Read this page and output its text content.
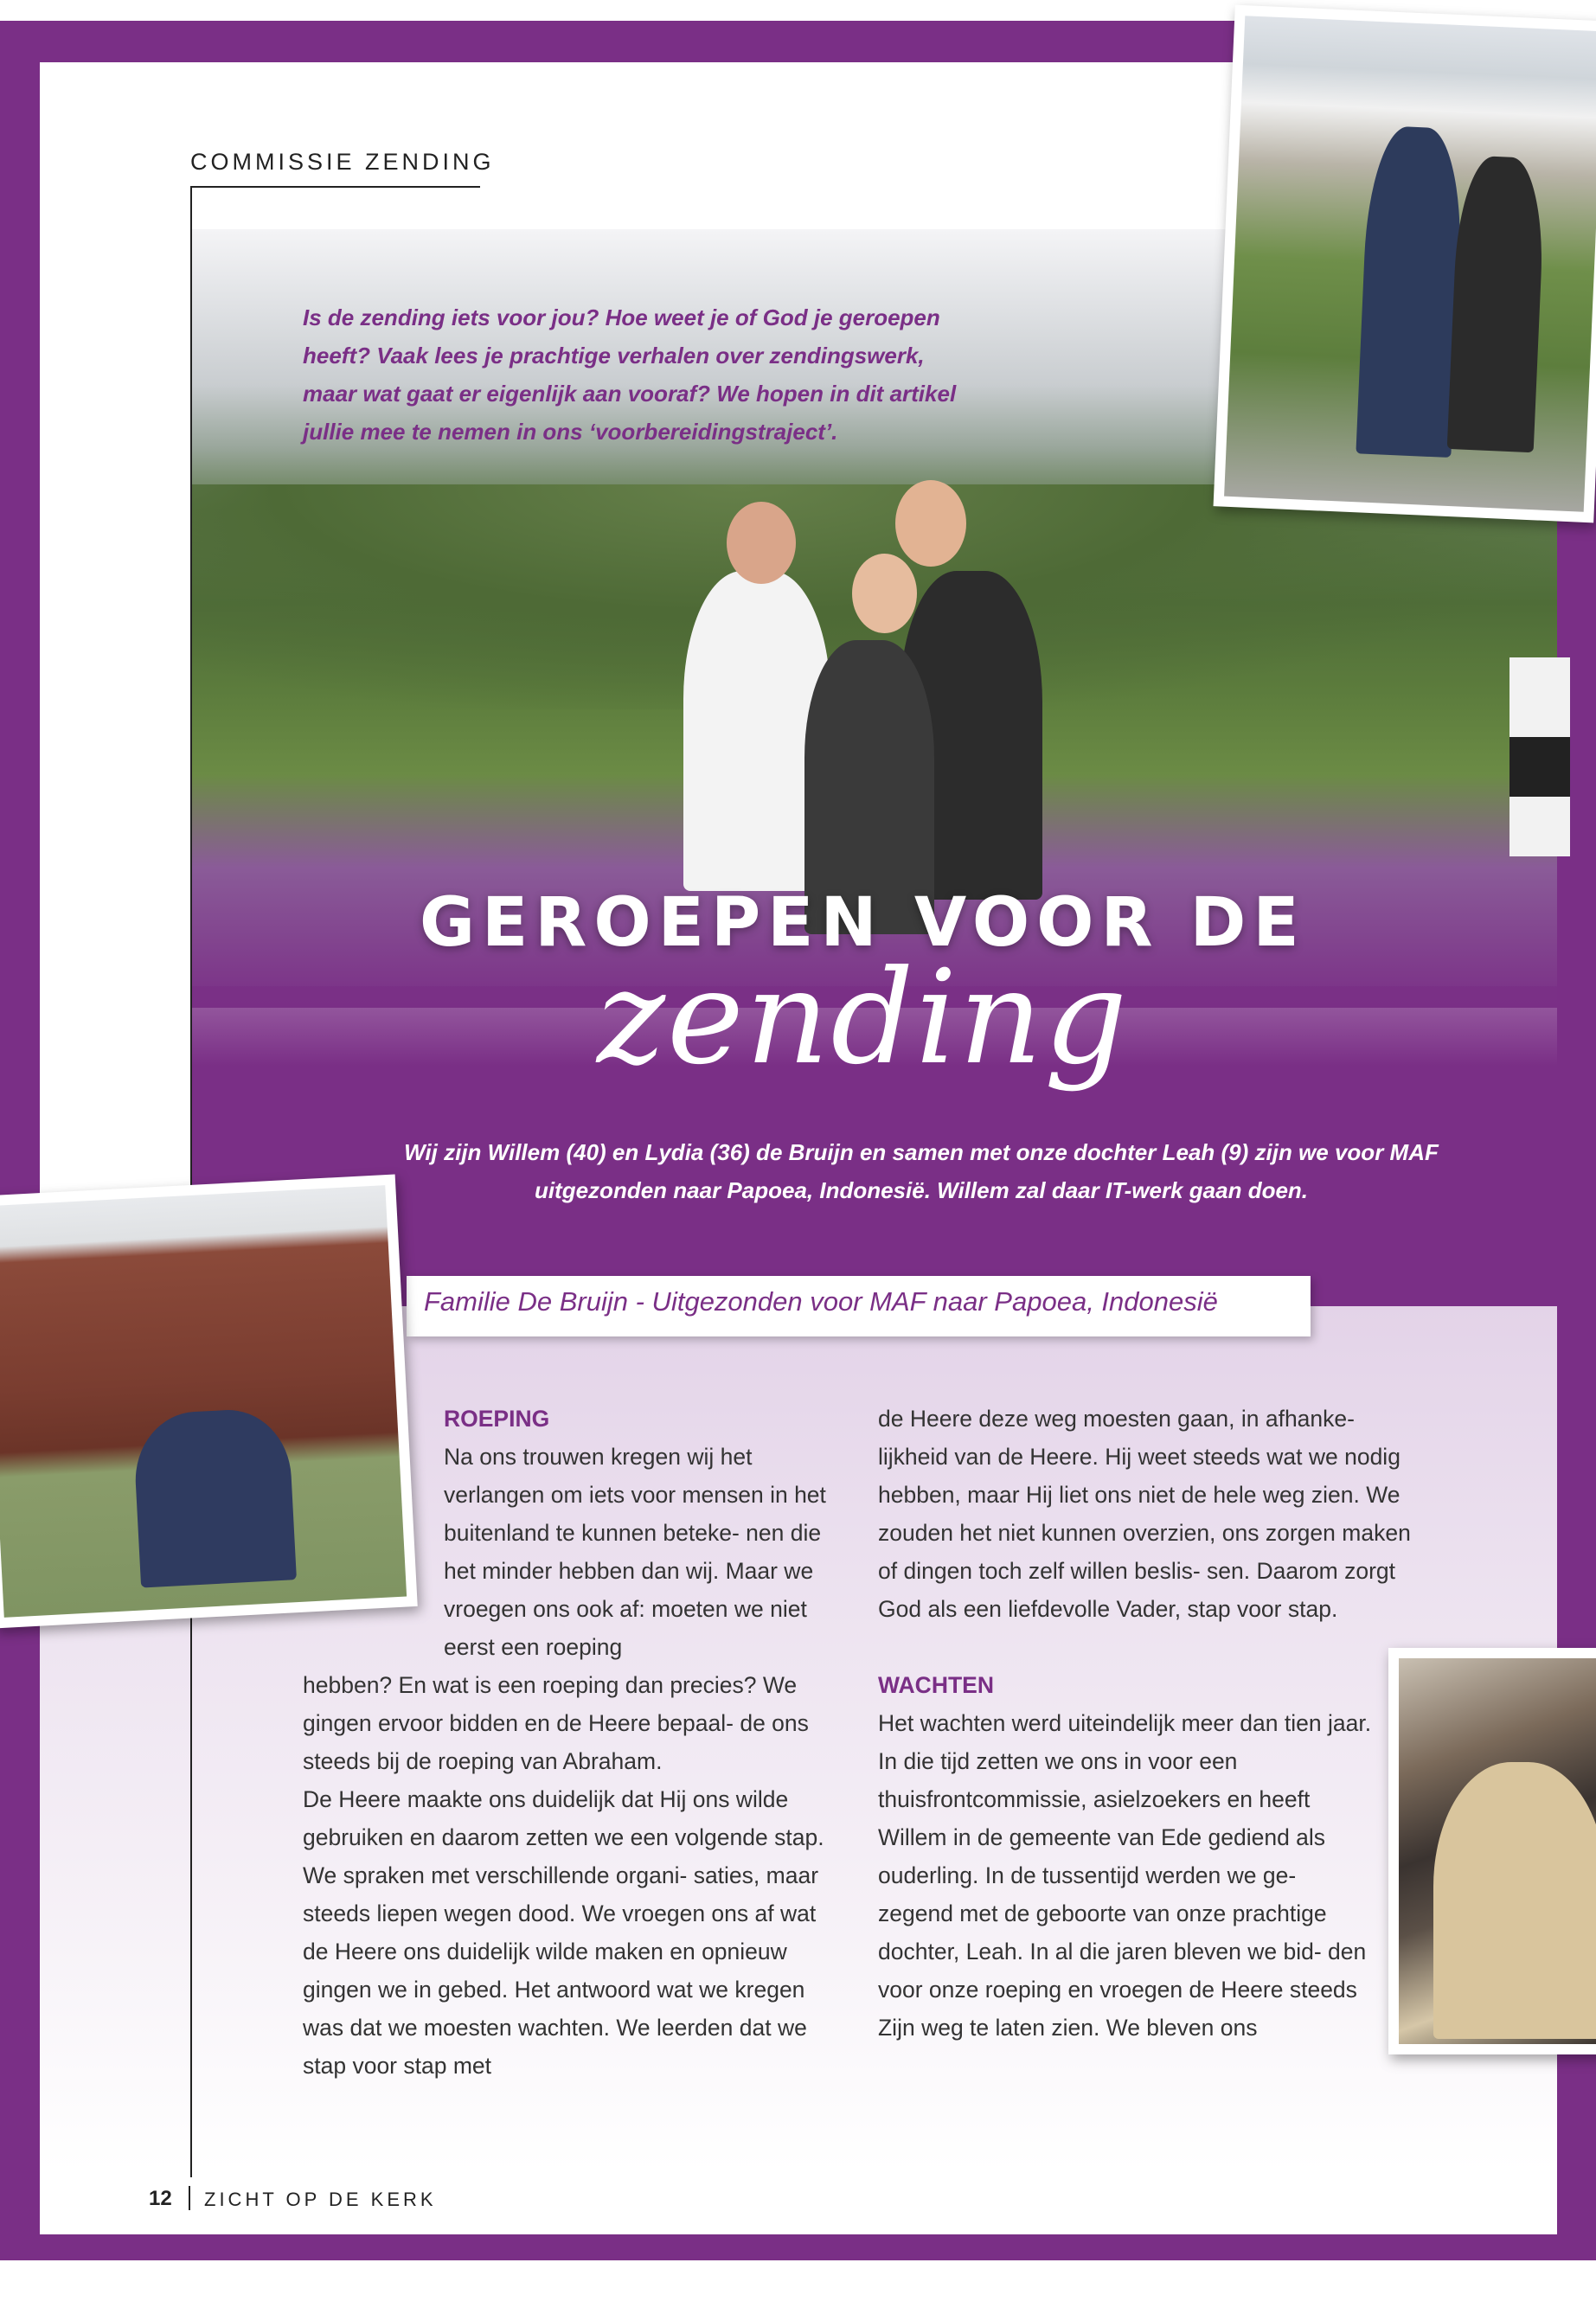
COMMISSIE ZENDING
Is de zending iets voor jou? Hoe weet je of God je geroepen heeft? Vaak lees je prachtige verhalen over zendingswerk, maar wat gaat er eigenlijk aan vooraf? We hopen in dit artikel jullie mee te nemen in ons ‘voorbereidingstraject’.
GEROEPEN VOOR DE
zending
Wij zijn Willem (40) en Lydia (36) de Bruijn en samen met onze dochter Leah (9) zijn we voor MAF uitgezonden naar Papoea, Indonesië. Willem zal daar IT-werk gaan doen.
Familie De Bruijn - Uitgezonden voor MAF naar Papoea, Indonesië
ROEPING
Na ons trouwen kregen wij het verlangen om iets voor mensen in het buitenland te kunnen beteke- nen die het minder hebben dan wij. Maar we vroegen ons ook af: moeten we niet eerst een roeping
hebben? En wat is een roeping dan precies? We gingen ervoor bidden en de Heere bepaal- de ons steeds bij de roeping van Abraham.
De Heere maakte ons duidelijk dat Hij ons wilde gebruiken en daarom zetten we een volgende stap. We spraken met verschillende organi- saties, maar steeds liepen wegen dood. We vroegen ons af wat de Heere ons duidelijk wilde maken en opnieuw gingen we in gebed. Het antwoord wat we kregen was dat we moesten wachten. We leerden dat we stap voor stap met
de Heere deze weg moesten gaan, in afhanke- lijkheid van de Heere. Hij weet steeds wat we nodig hebben, maar Hij liet ons niet de hele weg zien. We zouden het niet kunnen overzien, ons zorgen maken of dingen toch zelf willen beslis- sen. Daarom zorgt God als een liefdevolle Vader, stap voor stap.
WACHTEN
Het wachten werd uiteindelijk meer dan tien jaar. In die tijd zetten we ons in voor een thuisfrontcommissie, asielzoekers en heeft Willem in de gemeente van Ede gediend als ouderling. In de tussentijd werden we ge- zegend met de geboorte van onze prachtige dochter, Leah. In al die jaren bleven we bid- den voor onze roeping en vroegen de Heere steeds Zijn weg te laten zien. We bleven ons
12 ZICHT OP DE KERK
